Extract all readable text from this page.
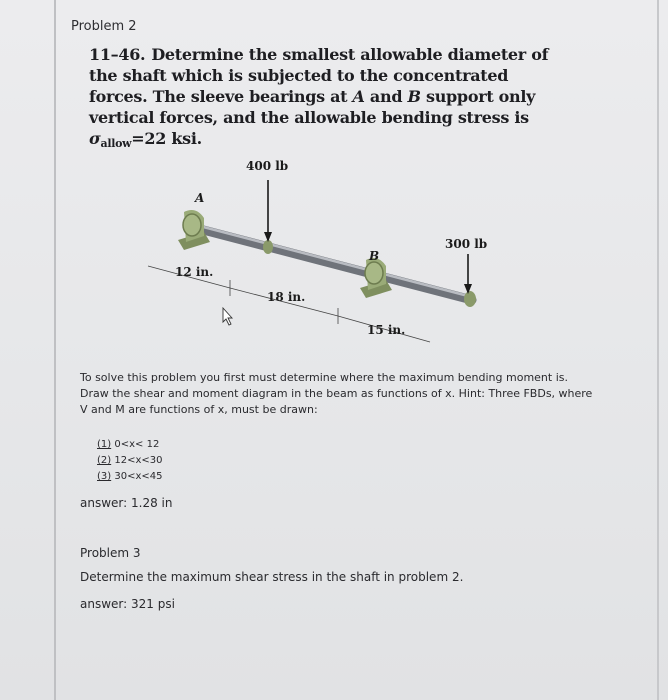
Problem 2
11–46. Determine the smallest allowable diameter of the shaft which is subjected to the concentrated forces. The sleeve bearings at A and B support only vertical forces, and the allowable bending stress is $\sigma_{allow}=22$ ksi.
400 lb
300 lb
A
B
12 in.
18 in.
15 in.
To solve this problem you first must determine where the maximum bending moment is. Draw the shear and moment diagram in the beam as functions of x. Hint: Three FBDs, where V and M are functions of x, must be drawn:
(1) 0<x< 12
(2) 12<x<30
(3) 30<x<45
answer: 1.28 in
Problem 3
Determine the maximum shear stress in the shaft in problem 2.
answer: 321 psi
